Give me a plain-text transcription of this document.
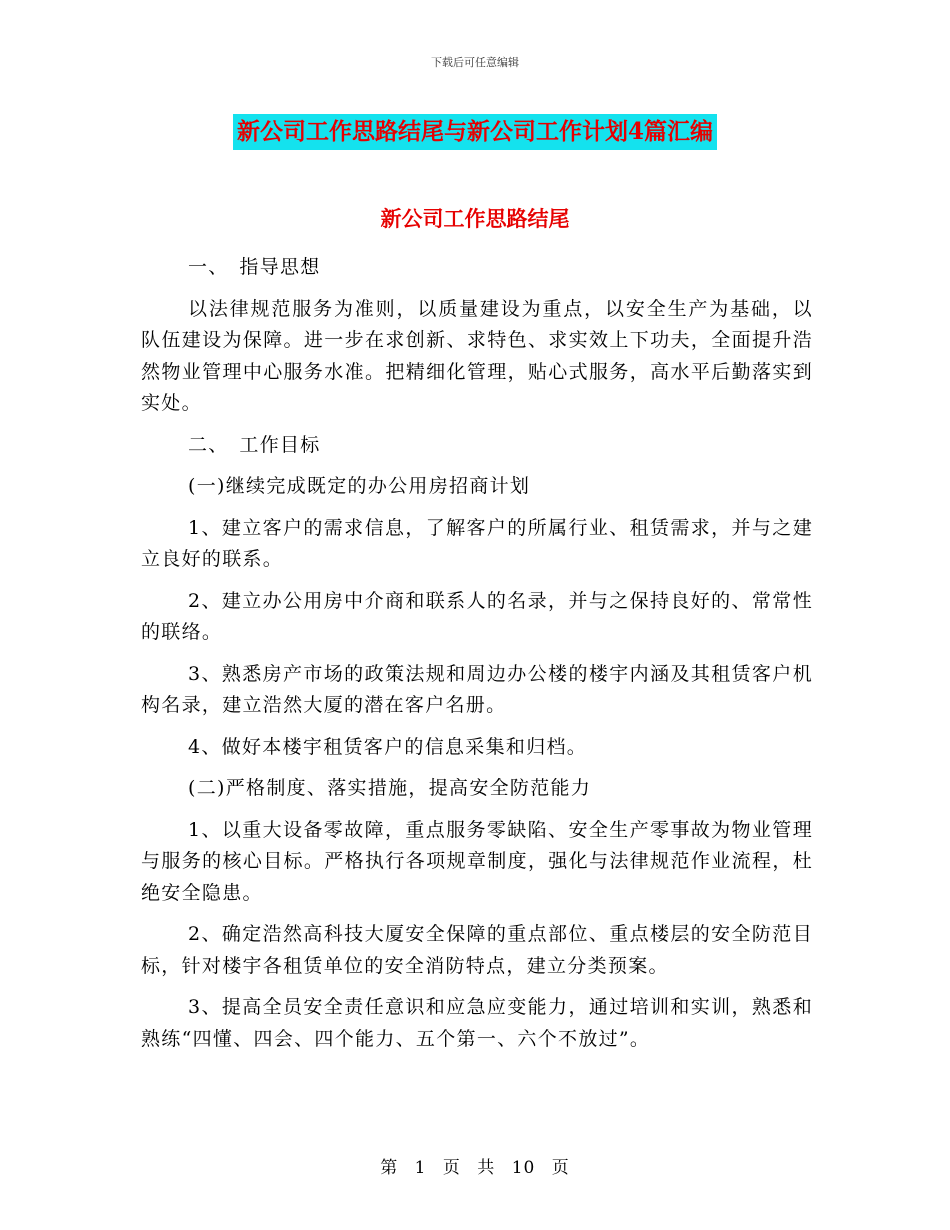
下载后可任意编辑
新公司工作思路结尾与新公司工作计划4篇汇编
新公司工作思路结尾

一、　指导思想

以法律规范服务为准则，以质量建设为重点，以安全生产为基础，以队伍建设为保障。进一步在求创新、求特色、求实效上下功夫，全面提升浩然物业管理中心服务水准。把精细化管理，贴心式服务，高水平后勤落实到实处。

二、　工作目标

(一)继续完成既定的办公用房招商计划

1、建立客户的需求信息，了解客户的所属行业、租赁需求，并与之建立良好的联系。

2、建立办公用房中介商和联系人的名录，并与之保持良好的、常常性的联络。

3、熟悉房产市场的政策法规和周边办公楼的楼宇内涵及其租赁客户机构名录，建立浩然大厦的潜在客户名册。

4、做好本楼宇租赁客户的信息采集和归档。

(二)严格制度、落实措施，提高安全防范能力

1、以重大设备零故障，重点服务零缺陷、安全生产零事故为物业管理与服务的核心目标。严格执行各项规章制度，强化与法律规范作业流程，杜绝安全隐患。

2、确定浩然高科技大厦安全保障的重点部位、重点楼层的安全防范目标，针对楼宇各租赁单位的安全消防特点，建立分类预案。

3、提高全员安全责任意识和应急应变能力，通过培训和实训，熟悉和熟练“四懂、四会、四个能力、五个第一、六个不放过”。

第 1 页 共 10 页
